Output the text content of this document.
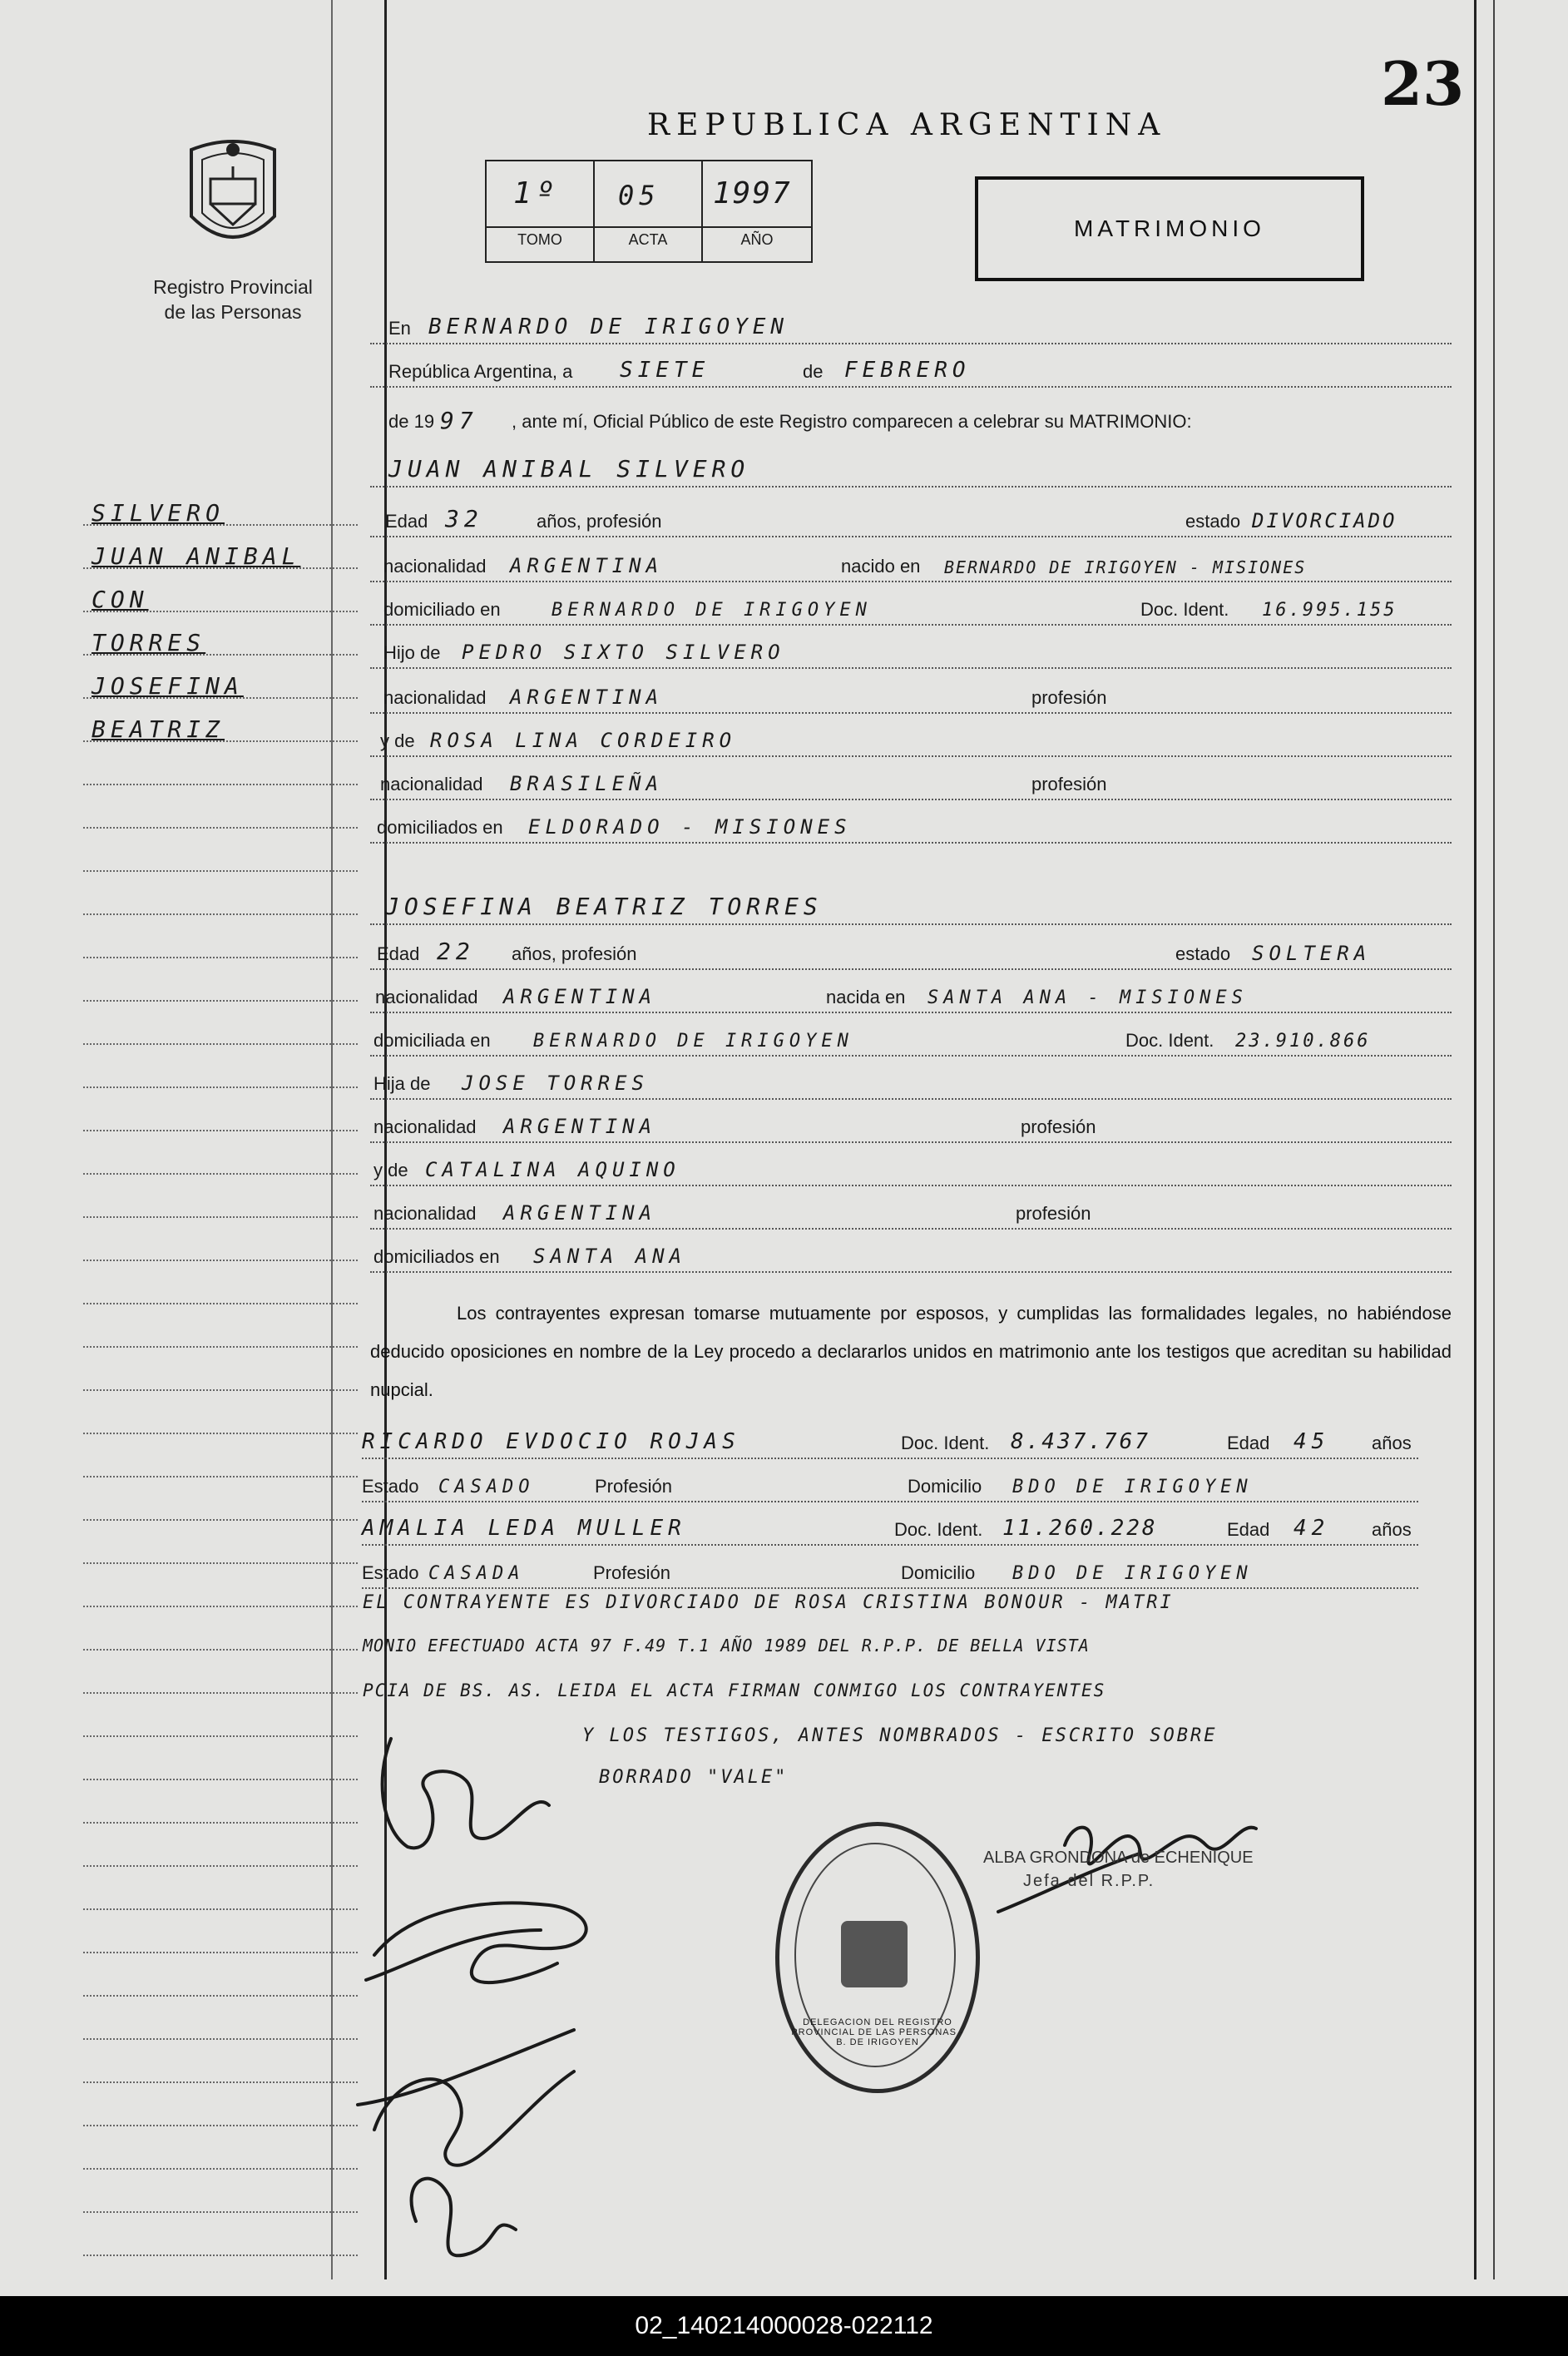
23
REPUBLICA ARGENTINA
Registro Provincial
de las Personas
1º 05 1997
TOMO	ACTA	AÑO	MATRIMONIO
SILVERO
JUAN ANIBAL
CON
TORRES
JOSEFINA
BEATRIZ
En BERNARDO DE IRIGOYEN
República Argentina, a SIETE	de FEBRERO
de 19 97 , ante mí, Oficial Público de este Registro comparecen a celebrar su MATRIMONIO:
JUAN ANIBAL SILVERO
Edad 32	años, profesión	estado DIVORCIADO
nacionalidad ARGENTINA	nacido en BERNARDO DE IRIGOYEN - MISIONES
domiciliado en	BERNARDO DE IRIGOYEN	Doc. Ident. 16.995.155
Hijo de PEDRO SIXTO SILVERO
nacionalidad ARGENTINA	profesión
y de ROSA LINA CORDEIRO
nacionalidad BRASILEÑA	profesión
domiciliados en ELDORADO - MISIONES
JOSEFINA BEATRIZ TORRES
Edad 22 años, profesión	estado SOLTERA
nacionalidad ARGENTINA	nacida en SANTA ANA - MISIONES
domiciliada en BERNARDO DE IRIGOYEN	Doc. Ident. 23.910.866
Hija de JOSE TORRES
nacionalidad ARGENTINA	profesión
y de CATALINA AQUINO
nacionalidad ARGENTINA	profesión
domiciliados en SANTA ANA
Los contrayentes expresan tomarse mutuamente por esposos, y cumplidas las formalidades legales, no habiéndose deducido oposiciones en nombre de la Ley procedo a declararlos unidos en matrimonio ante los testigos que acreditan su habilidad nupcial.
RICARDO EVDOCIO ROJAS	Doc. Ident. 8.437.767	Edad 45 años
Estado CASADO	Profesión	Domicilio BDO DE IRIGOYEN
AMALIA LEDA MULLER	Doc. Ident. 11.260.228	Edad 42 años
Estado CASADA	Profesión	Domicilio BDO DE IRIGOYEN
EL CONTRAYENTE ES DIVORCIADO DE ROSA CRISTINA BONOUR - MATRI
MONIO EFECTUADO ACTA 97 F.49 T.1 AÑO 1989 DEL R.P.P. DE BELLA VISTA
PCIA DE BS. AS. LEIDA EL ACTA FIRMAN CONMIGO LOS CONTRAYENTES
Y LOS TESTIGOS, ANTES NOMBRADOS - ESCRITO SOBRE
BORRADO "VALE"
DELEGACION DEL REGISTRO PROVINCIAL DE LAS PERSONAS - B. DE IRIGOYEN
ALBA GRONDONA de ECHENIQUE
Jefa del R.P.P.
02_140214000028-022112
